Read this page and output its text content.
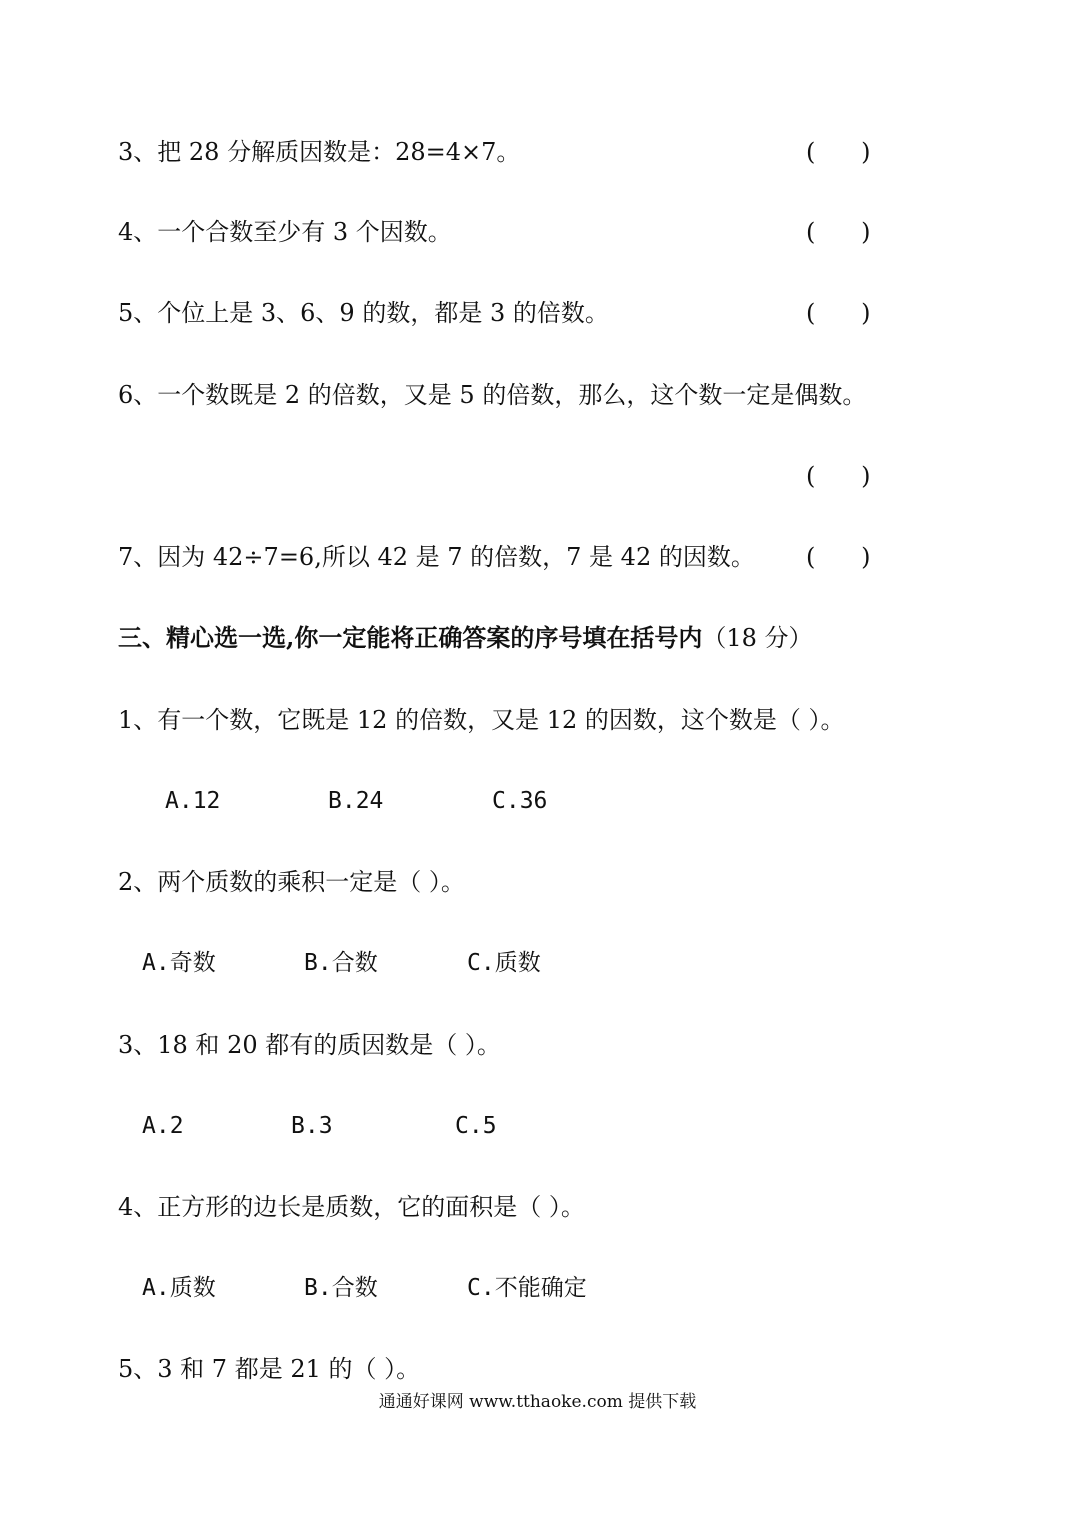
3、把 28 分解质因数是：28=4×7。	(      )
4、一个合数至少有 3 个因数。	(      )
5、个位上是 3、6、9 的数，都是 3 的倍数。	(      )
6、一个数既是 2 的倍数，又是 5 的倍数，那么，这个数一定是偶数。
(      )
7、因为 42÷7=6,所以 42 是 7 的倍数，7 是 42 的因数。 (      )
三、精心选一选,你一定能将正确答案的序号填在括号内（18 分）
1、有一个数，它既是 12 的倍数，又是 12 的因数，这个数是（ ）。
A.12	B.24	C.36
2、两个质数的乘积一定是（ ）。
A.奇数	B.合数	C.质数
3、18 和 20 都有的质因数是（ ）。
A.2	B.3	C.5
4、正方形的边长是质数，它的面积是（ ）。
A.质数	B.合数	C.不能确定
5、3 和 7 都是 21 的（ ）。
通通好课网 www.tthaoke.com 提供下载
